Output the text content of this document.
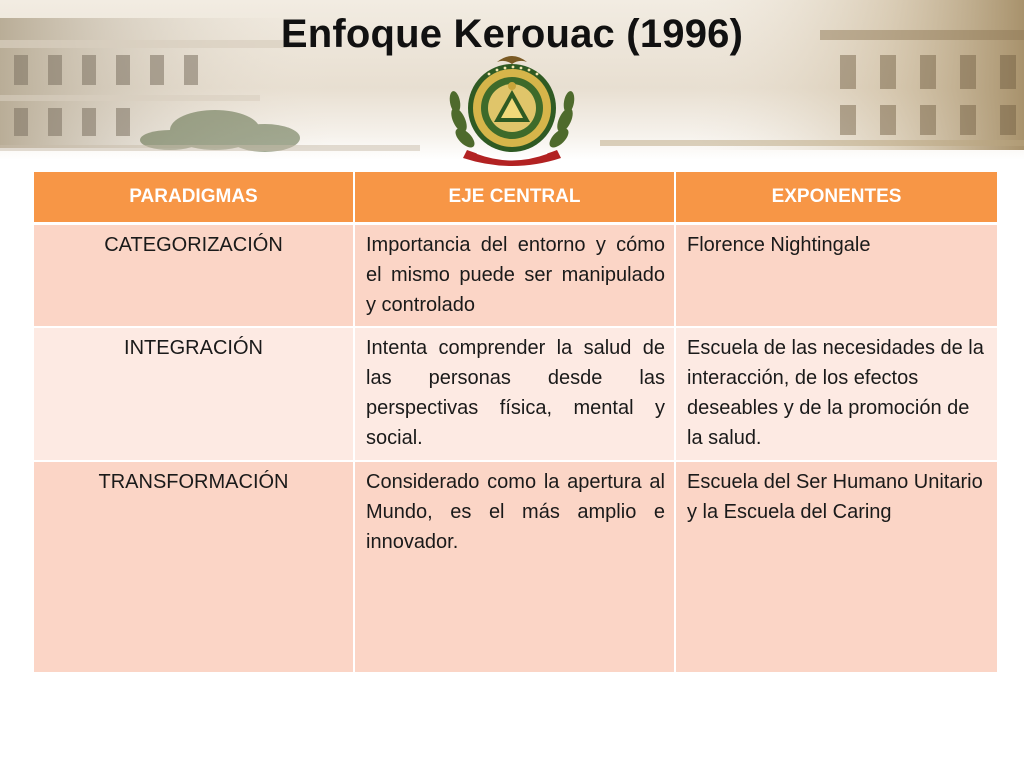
Enfoque Kerouac (1996)
PARADIGMAS	EJE CENTRAL	EXPONENTES
CATEGORIZACIÓN	Importancia del entorno y cómo el mismo puede ser manipulado y controlado	Florence Nightingale
INTEGRACIÓN	Intenta comprender la salud de las personas desde las perspectivas física, mental y social.	Escuela de las necesidades de la interacción, de los efectos deseables y de la promoción de la salud.
TRANSFORMACIÓN	Considerado como la apertura al Mundo, es el más amplio e innovador.	Escuela del Ser Humano Unitario y la Escuela del Caring
